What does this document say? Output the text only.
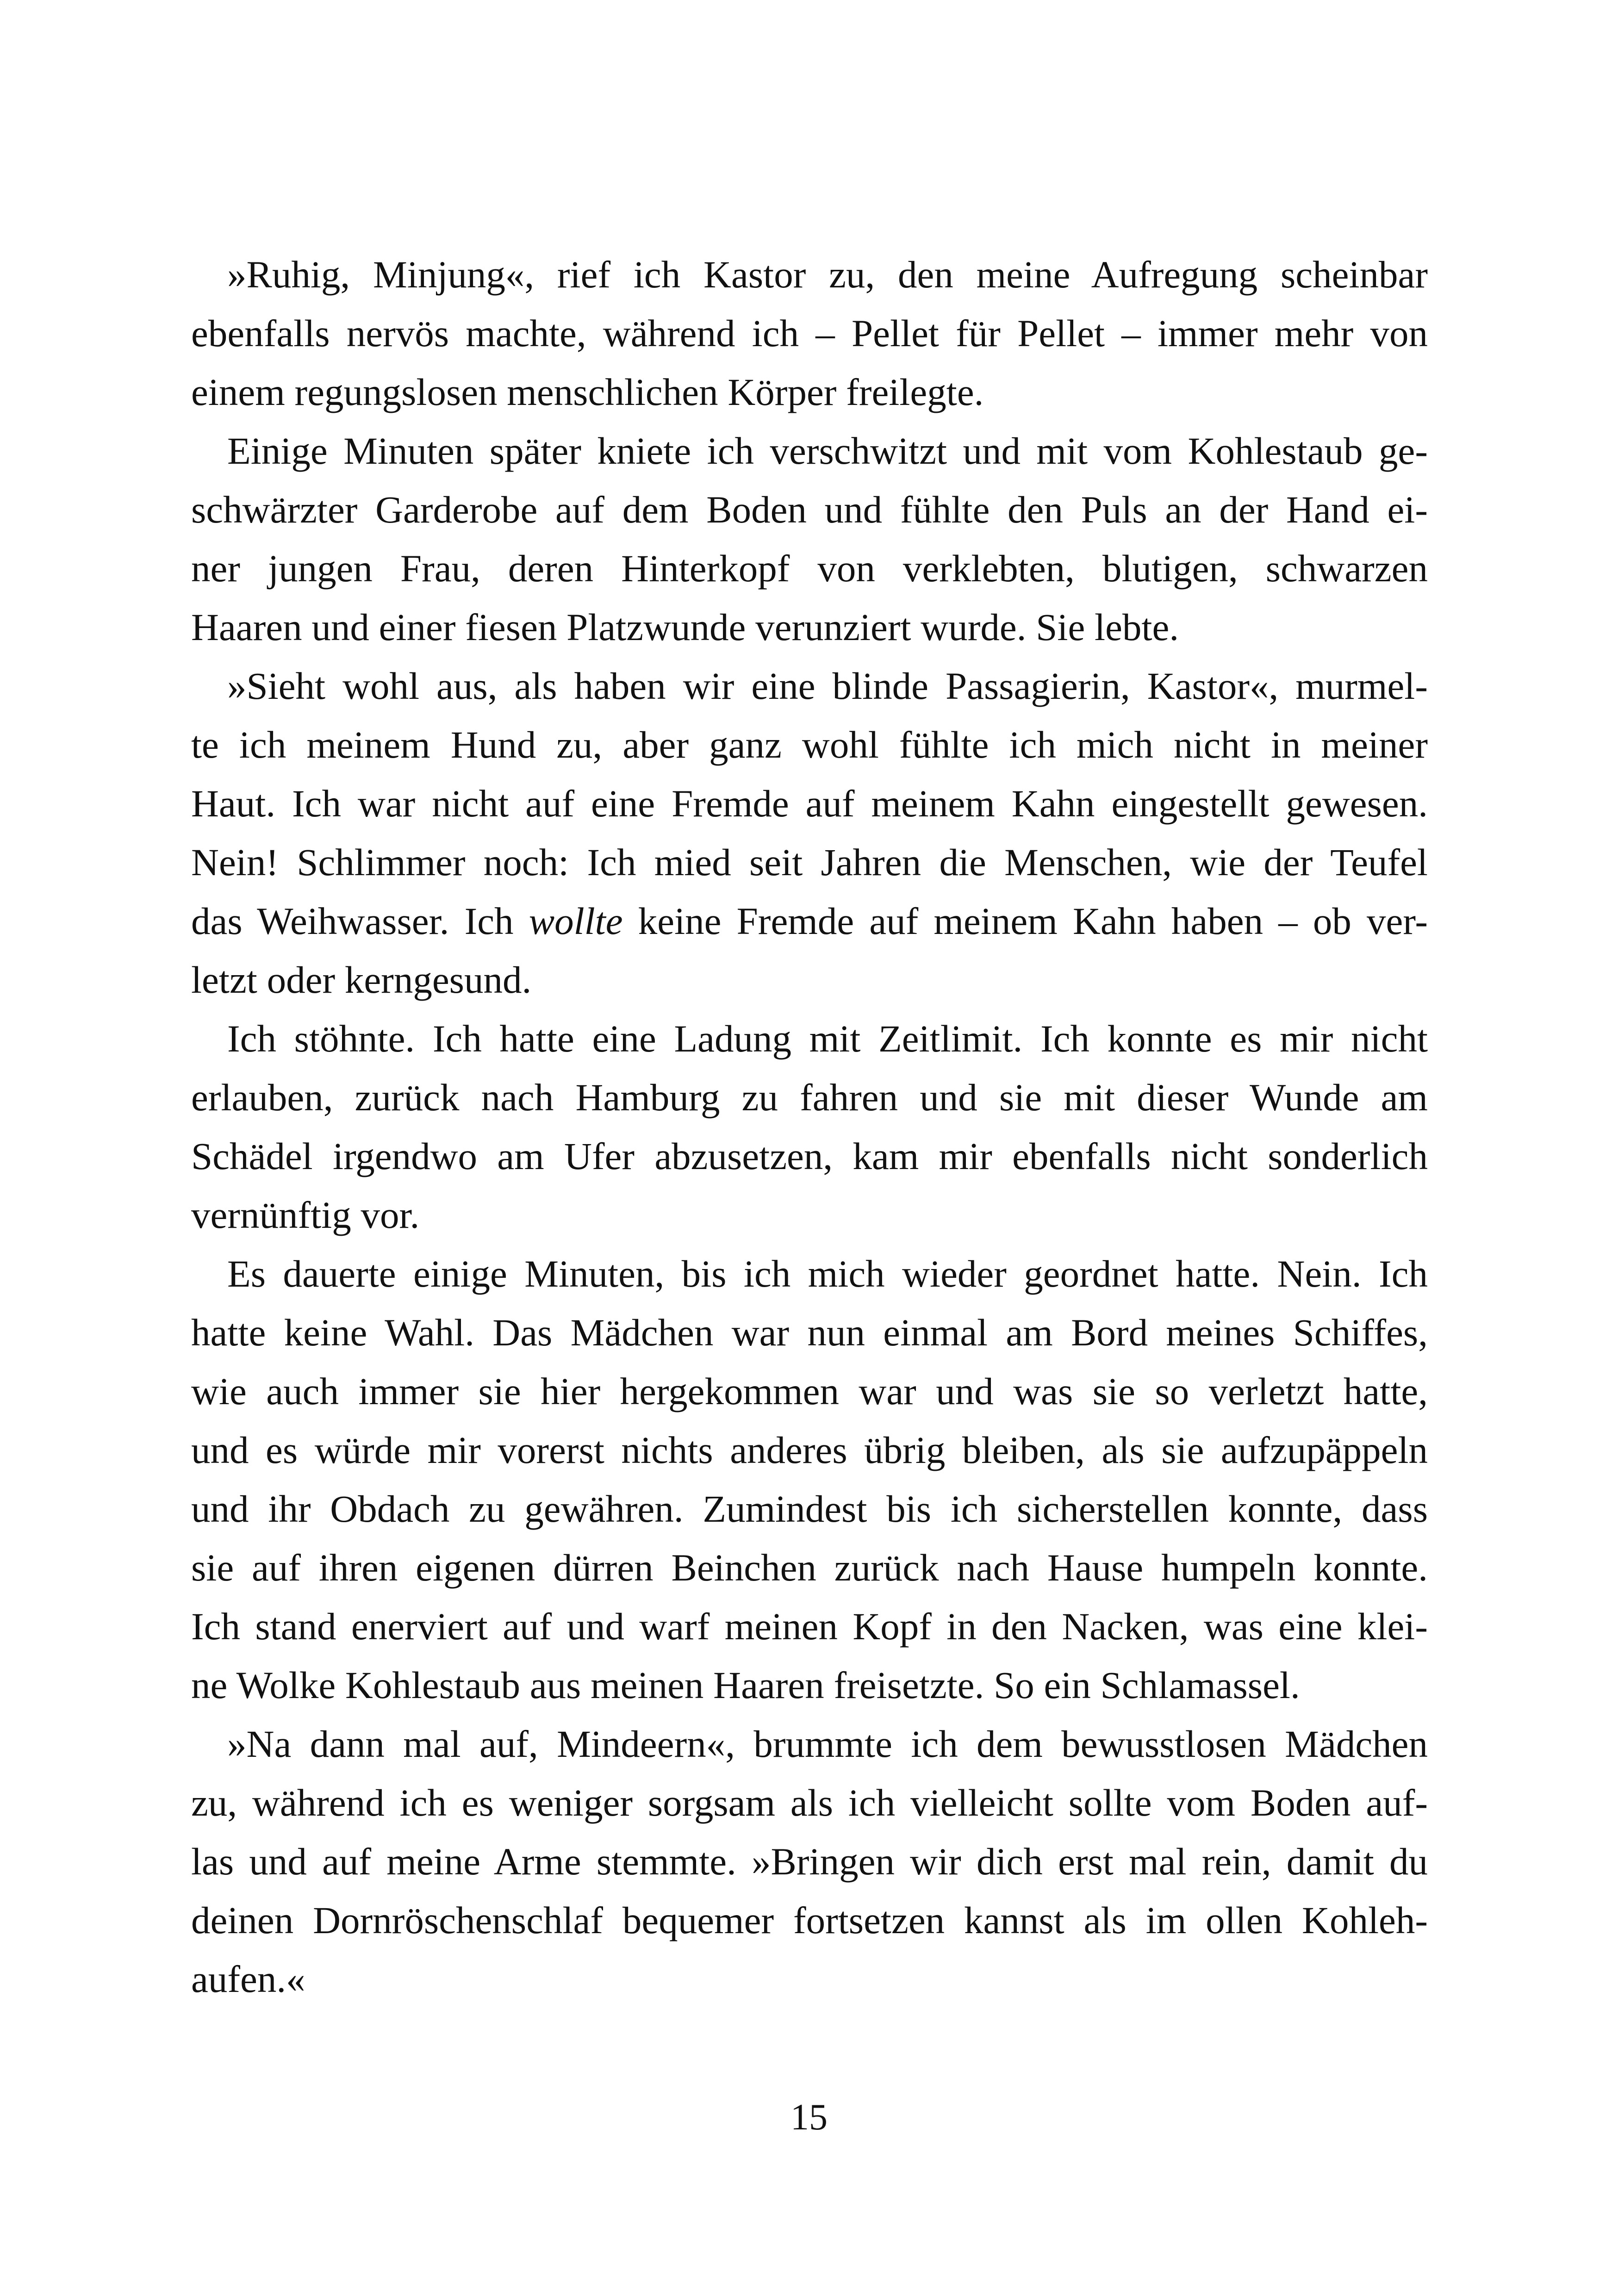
»Ruhig, Minjung«, rief ich Kastor zu, den meine Aufregung scheinbar
ebenfalls nervös machte, während ich – Pellet für Pellet – immer mehr von
einem regungslosen menschlichen Körper freilegte.
Einige Minuten später kniete ich verschwitzt und mit vom Kohlestaub ge-
schwärzter Garderobe auf dem Boden und fühlte den Puls an der Hand ei-
ner jungen Frau, deren Hinterkopf von verklebten, blutigen, schwarzen
Haaren und einer fiesen Platzwunde verunziert wurde. Sie lebte.
»Sieht wohl aus, als haben wir eine blinde Passagierin, Kastor«, murmel-
te ich meinem Hund zu, aber ganz wohl fühlte ich mich nicht in meiner
Haut. Ich war nicht auf eine Fremde auf meinem Kahn eingestellt gewesen.
Nein! Schlimmer noch: Ich mied seit Jahren die Menschen, wie der Teufel
das Weihwasser. Ich wollte keine Fremde auf meinem Kahn haben – ob ver-
letzt oder kerngesund.
Ich stöhnte. Ich hatte eine Ladung mit Zeitlimit. Ich konnte es mir nicht
erlauben, zurück nach Hamburg zu fahren und sie mit dieser Wunde am
Schädel irgendwo am Ufer abzusetzen, kam mir ebenfalls nicht sonderlich
vernünftig vor.
Es dauerte einige Minuten, bis ich mich wieder geordnet hatte. Nein. Ich
hatte keine Wahl. Das Mädchen war nun einmal am Bord meines Schiffes,
wie auch immer sie hier hergekommen war und was sie so verletzt hatte,
und es würde mir vorerst nichts anderes übrig bleiben, als sie aufzupäppeln
und ihr Obdach zu gewähren. Zumindest bis ich sicherstellen konnte, dass
sie auf ihren eigenen dürren Beinchen zurück nach Hause humpeln konnte.
Ich stand enerviert auf und warf meinen Kopf in den Nacken, was eine klei-
ne Wolke Kohlestaub aus meinen Haaren freisetzte. So ein Schlamassel.
»Na dann mal auf, Mindeern«, brummte ich dem bewusstlosen Mädchen
zu, während ich es weniger sorgsam als ich vielleicht sollte vom Boden auf-
las und auf meine Arme stemmte. »Bringen wir dich erst mal rein, damit du
deinen Dornröschenschlaf bequemer fortsetzen kannst als im ollen Kohleh-
aufen.«
15
